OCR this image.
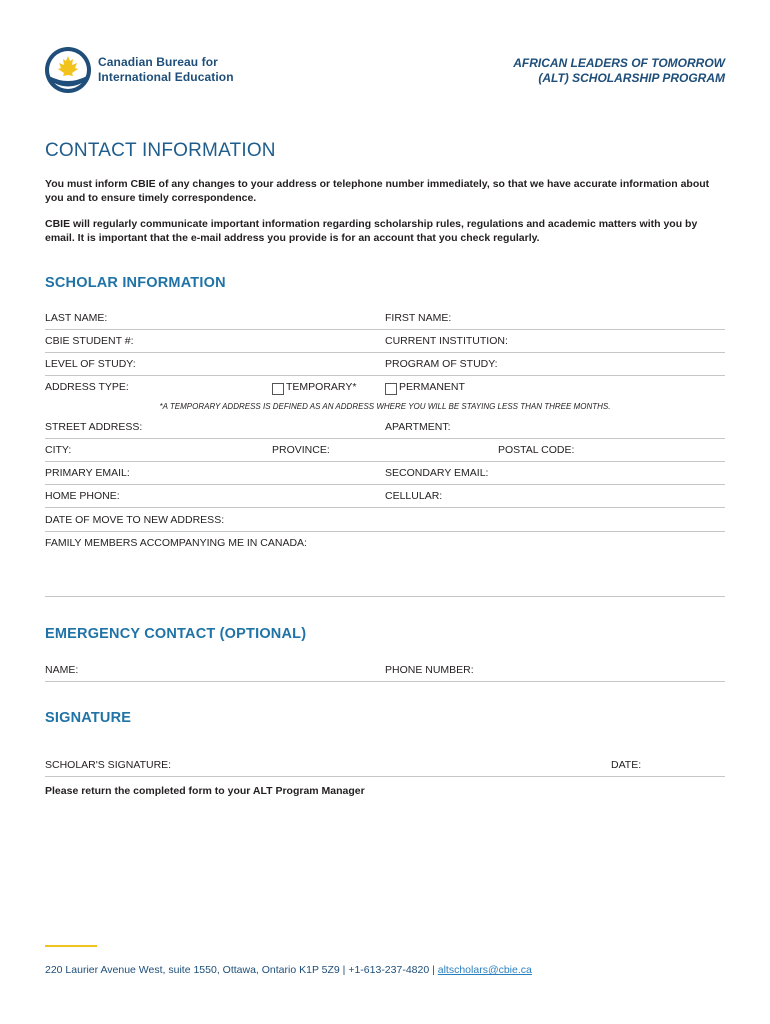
Canadian Bureau for
International Education
AFRICAN LEADERS OF TOMORROW
(ALT) SCHOLARSHIP PROGRAM
CONTACT INFORMATION
You must inform CBIE of any changes to your address or telephone number immediately, so that we have accurate information about you and to ensure timely correspondence.
CBIE will regularly communicate important information regarding scholarship rules, regulations and academic matters with you by email. It is important that the e-mail address you provide is for an account that you check regularly.
SCHOLAR INFORMATION
LAST NAME:	FIRST NAME:
CBIE STUDENT #:	CURRENT INSTITUTION:
LEVEL OF STUDY:	PROGRAM OF STUDY:
ADDRESS TYPE:	TEMPORARY*	PERMANENT
*A TEMPORARY ADDRESS IS DEFINED AS AN ADDRESS WHERE YOU WILL BE STAYING LESS THAN THREE MONTHS.
STREET ADDRESS:	APARTMENT:
CITY:	PROVINCE:	POSTAL CODE:
PRIMARY EMAIL:	SECONDARY EMAIL:
HOME PHONE:	CELLULAR:
DATE OF MOVE TO NEW ADDRESS:
FAMILY MEMBERS ACCOMPANYING ME IN CANADA:
EMERGENCY CONTACT (OPTIONAL)
NAME:	PHONE NUMBER:
SIGNATURE
SCHOLAR'S SIGNATURE:	DATE:
Please return the completed form to your ALT Program Manager
220 Laurier Avenue West, suite 1550, Ottawa, Ontario K1P 5Z9 | +1-613-237-4820 | altscholars@cbie.ca
